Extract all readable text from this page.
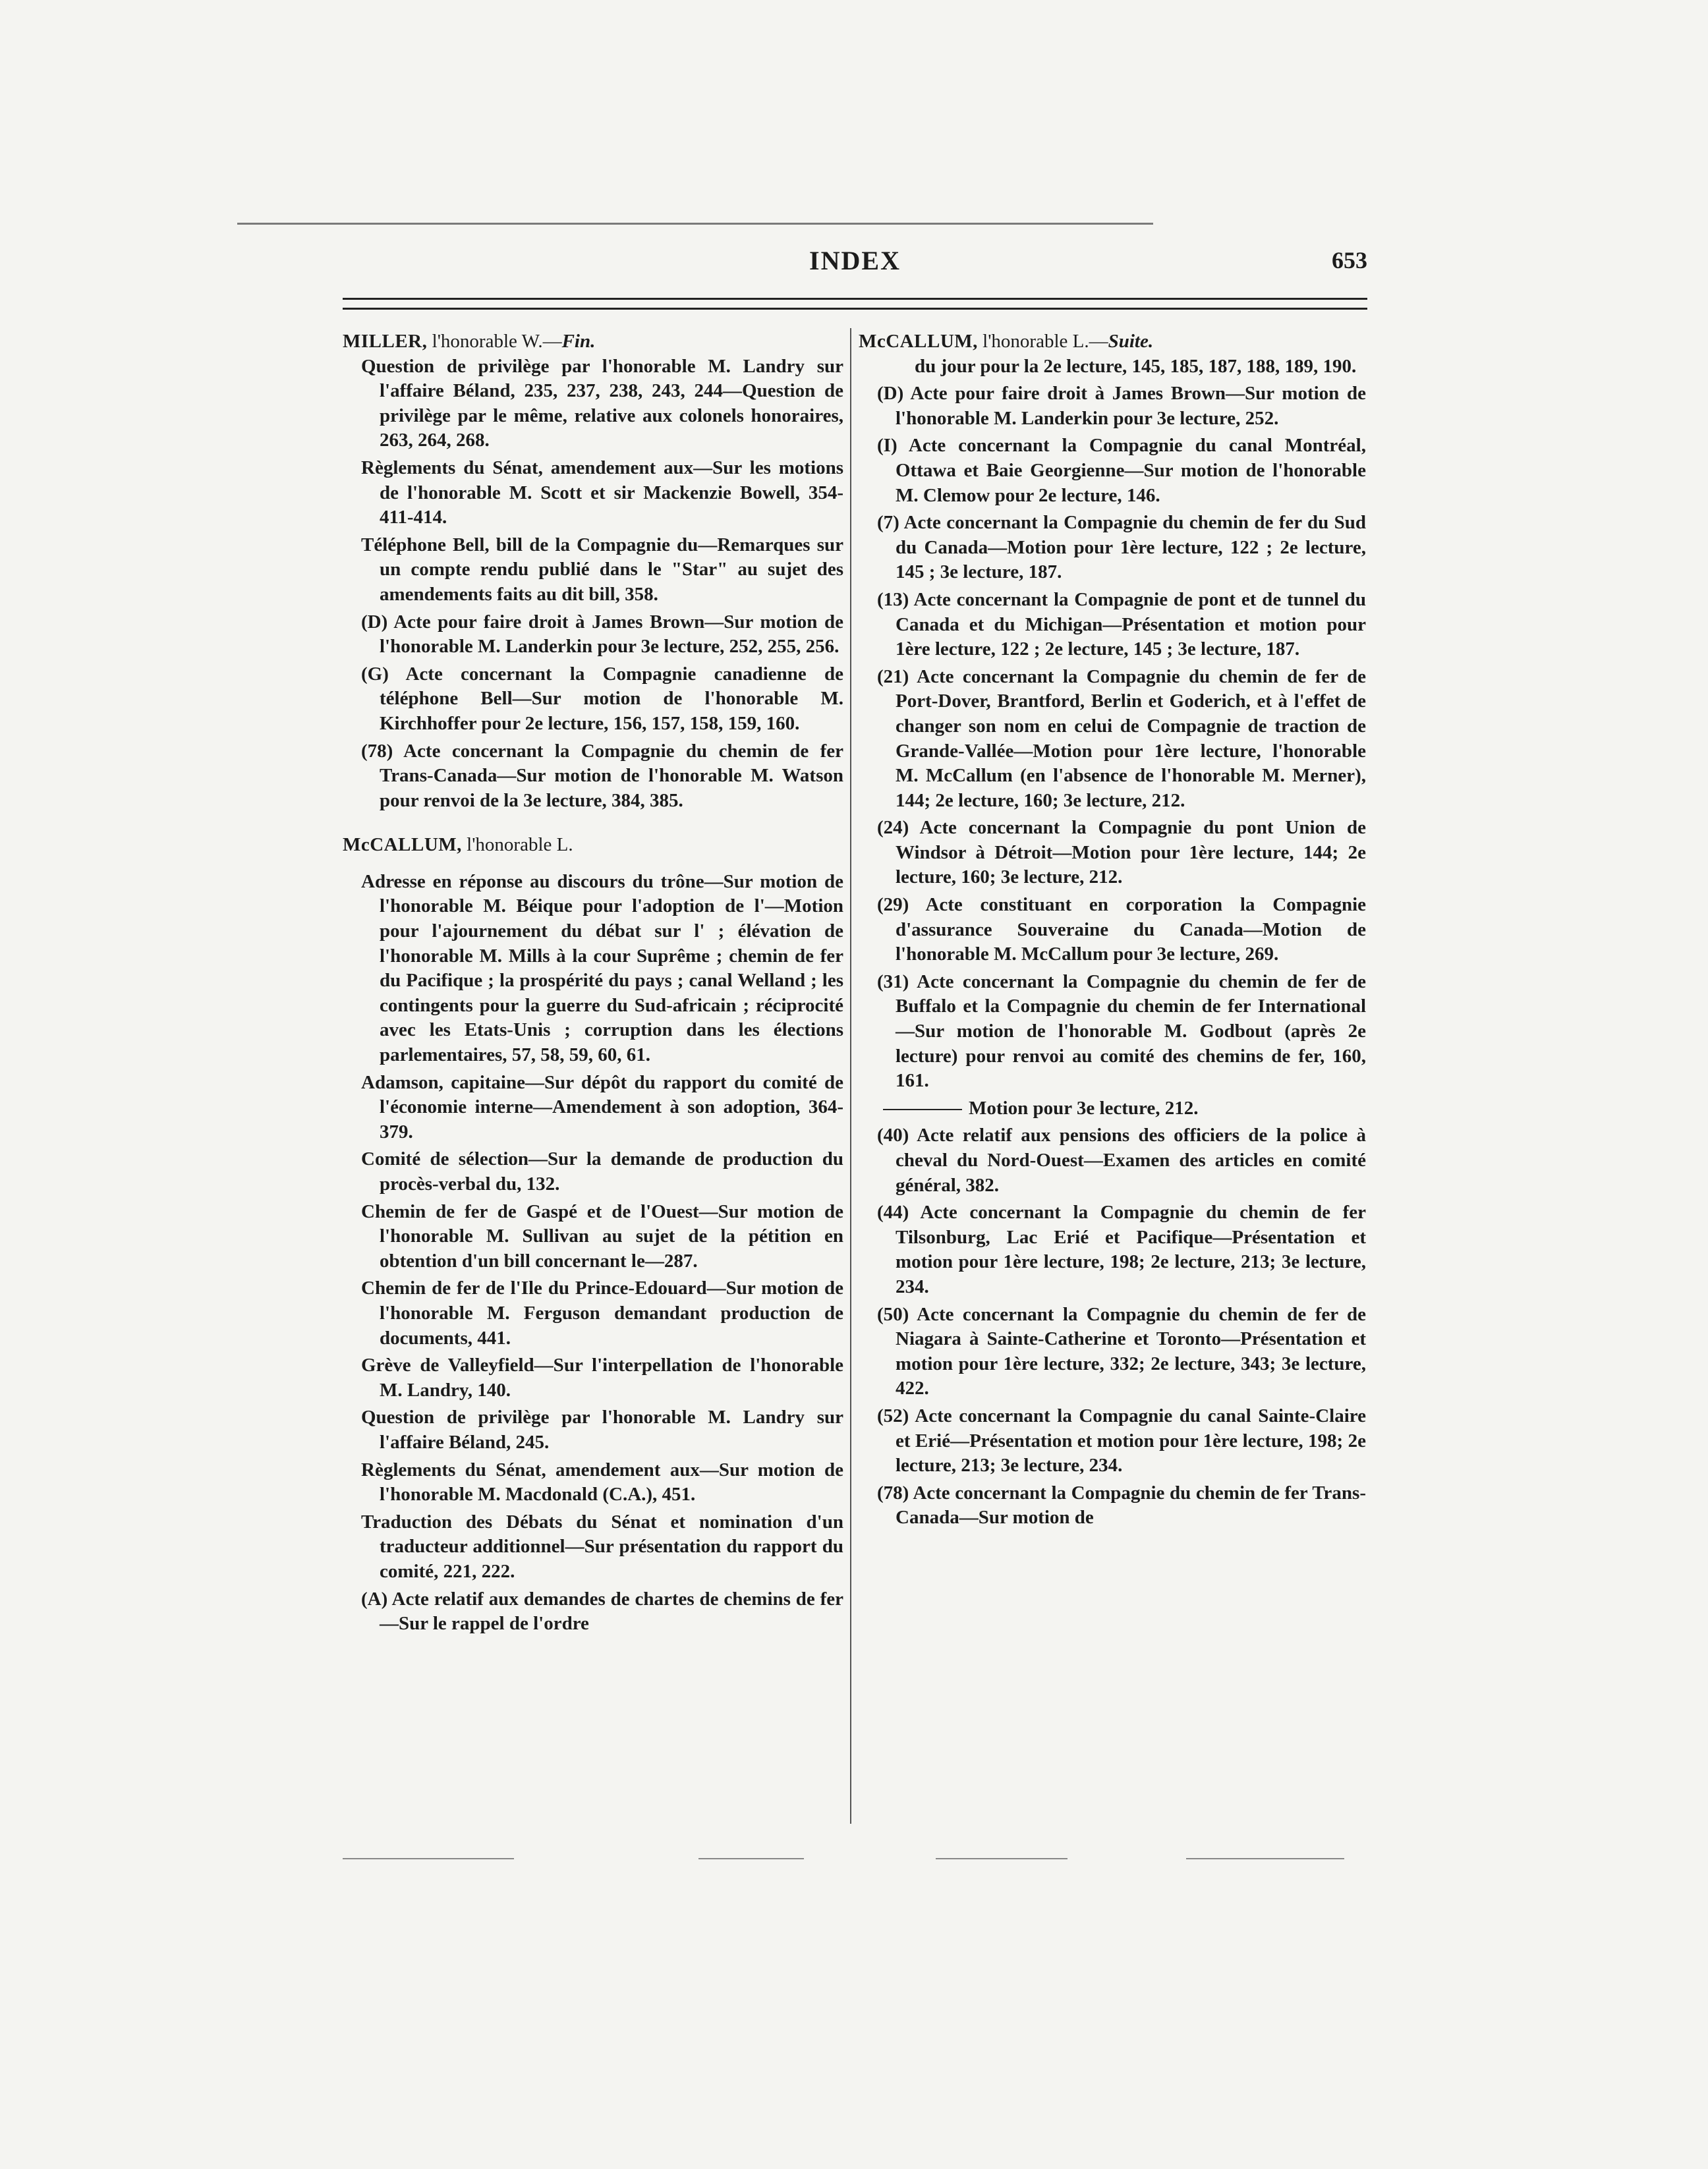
INDEX	653
MILLER, l'honorable W.—Fin.

Question de privilège par l'honorable M. Landry sur l'affaire Béland, 235, 237, 238, 243, 244—Question de privilège par le même, relative aux colonels honoraires, 263, 264, 268.

Règlements du Sénat, amendement aux—Sur les motions de l'honorable M. Scott et sir Mackenzie Bowell, 354-411-414.

Téléphone Bell, bill de la Compagnie du—Remarques sur un compte rendu publié dans le "Star" au sujet des amendements faits au dit bill, 358.

(D) Acte pour faire droit à James Brown—Sur motion de l'honorable M. Landerkin pour 3e lecture, 252, 255, 256.

(G) Acte concernant la Compagnie canadienne de téléphone Bell—Sur motion de l'honorable M. Kirchhoffer pour 2e lecture, 156, 157, 158, 159, 160.

(78) Acte concernant la Compagnie du chemin de fer Trans-Canada—Sur motion de l'honorable M. Watson pour renvoi de la 3e lecture, 384, 385.

McCALLUM, l'honorable L.

Adresse en réponse au discours du trône—Sur motion de l'honorable M. Béique pour l'adoption de l'—Motion pour l'ajournement du débat sur l' ; élévation de l'honorable M. Mills à la cour Suprême ; chemin de fer du Pacifique ; la prospérité du pays ; canal Welland ; les contingents pour la guerre du Sud-africain ; réciprocité avec les Etats-Unis ; corruption dans les élections parlementaires, 57, 58, 59, 60, 61.

Adamson, capitaine—Sur dépôt du rapport du comité de l'économie interne—Amendement à son adoption, 364-379.

Comité de sélection—Sur la demande de production du procès-verbal du, 132.

Chemin de fer de Gaspé et de l'Ouest—Sur motion de l'honorable M. Sullivan au sujet de la pétition en obtention d'un bill concernant le—287.

Chemin de fer de l'Ile du Prince-Edouard—Sur motion de l'honorable M. Ferguson demandant production de documents, 441.

Grève de Valleyfield—Sur l'interpellation de l'honorable M. Landry, 140.

Question de privilège par l'honorable M. Landry sur l'affaire Béland, 245.

Règlements du Sénat, amendement aux—Sur motion de l'honorable M. Macdonald (C.A.), 451.

Traduction des Débats du Sénat et nomination d'un traducteur additionnel—Sur présentation du rapport du comité, 221, 222.

(A) Acte relatif aux demandes de chartes de chemins de fer—Sur le rappel de l'ordre

McCALLUM, l'honorable L.—Suite.

du jour pour la 2e lecture, 145, 185, 187, 188, 189, 190.

(D) Acte pour faire droit à James Brown—Sur motion de l'honorable M. Landerkin pour 3e lecture, 252.

(I) Acte concernant la Compagnie du canal Montréal, Ottawa et Baie Georgienne—Sur motion de l'honorable M. Clemow pour 2e lecture, 146.

(7) Acte concernant la Compagnie du chemin de fer du Sud du Canada—Motion pour 1ère lecture, 122 ; 2e lecture, 145 ; 3e lecture, 187.

(13) Acte concernant la Compagnie de pont et de tunnel du Canada et du Michigan—Présentation et motion pour 1ère lecture, 122 ; 2e lecture, 145 ; 3e lecture, 187.

(21) Acte concernant la Compagnie du chemin de fer de Port-Dover, Brantford, Berlin et Goderich, et à l'effet de changer son nom en celui de Compagnie de traction de Grande-Vallée—Motion pour 1ère lecture, l'honorable M. McCallum (en l'absence de l'honorable M. Merner), 144; 2e lecture, 160; 3e lecture, 212.

(24) Acte concernant la Compagnie du pont Union de Windsor à Détroit—Motion pour 1ère lecture, 144; 2e lecture, 160; 3e lecture, 212.

(29) Acte constituant en corporation la Compagnie d'assurance Souveraine du Canada—Motion de l'honorable M. McCallum pour 3e lecture, 269.

(31) Acte concernant la Compagnie du chemin de fer de Buffalo et la Compagnie du chemin de fer International—Sur motion de l'honorable M. Godbout (après 2e lecture) pour renvoi au comité des chemins de fer, 160, 161.

Motion pour 3e lecture, 212.

(40) Acte relatif aux pensions des officiers de la police à cheval du Nord-Ouest—Examen des articles en comité général, 382.

(44) Acte concernant la Compagnie du chemin de fer Tilsonburg, Lac Erié et Pacifique—Présentation et motion pour 1ère lecture, 198; 2e lecture, 213; 3e lecture, 234.

(50) Acte concernant la Compagnie du chemin de fer de Niagara à Sainte-Catherine et Toronto—Présentation et motion pour 1ère lecture, 332; 2e lecture, 343; 3e lecture, 422.

(52) Acte concernant la Compagnie du canal Sainte-Claire et Erié—Présentation et motion pour 1ère lecture, 198; 2e lecture, 213; 3e lecture, 234.

(78) Acte concernant la Compagnie du chemin de fer Trans-Canada—Sur motion de
